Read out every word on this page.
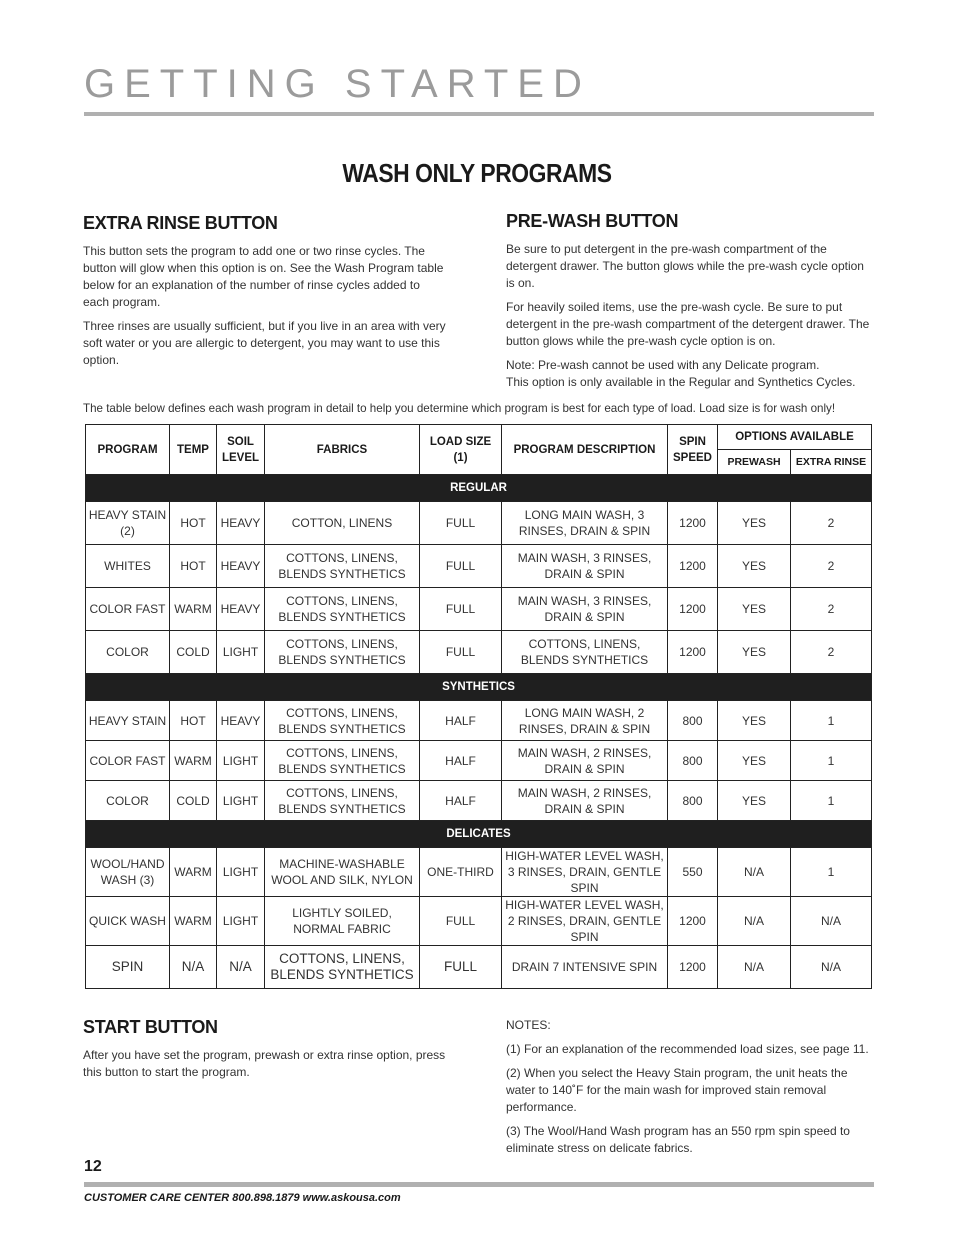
GETTING STARTED
WASH ONLY PROGRAMS
EXTRA RINSE BUTTON

This button sets the program to add one or two rinse cycles. The button will glow when this option is on. See the Wash Program table below for an explanation of the number of rinse cycles added to each program.

Three rinses are usually sufficient, but if you live in an area with very soft water or you are allergic to detergent, you may want to use this option.

PRE-WASH BUTTON

Be sure to put detergent in the pre-wash compartment of the detergent drawer. The button glows while the pre-wash cycle option is on.

For heavily soiled items, use the pre-wash cycle. Be sure to put detergent in the pre-wash compartment of the detergent drawer. The button glows while the pre-wash cycle option is on.

Note: Pre-wash cannot be used with any Delicate program.

This option is only available in the Regular and Synthetics Cycles.

The table below defines each wash program in detail to help you determine which program is best for each type of load. Load size is for wash only!
PROGRAM	TEMP	SOIL LEVEL	FABRICS	LOAD SIZE (1)	PROGRAM DESCRIPTION	SPIN SPEED	OPTIONS AVAILABLE	
							PREWASH	EXTRA RINSE
REGULAR								
HEAVY STAIN (2)	HOT	HEAVY	COTTON, LINENS	FULL	LONG MAIN WASH, 3 RINSES, DRAIN & SPIN	1200	YES	2
WHITES	HOT	HEAVY	COTTONS, LINENS, BLENDS SYNTHETICS	FULL	MAIN WASH, 3 RINSES, DRAIN & SPIN	1200	YES	2
COLOR FAST	WARM	HEAVY	COTTONS, LINENS, BLENDS SYNTHETICS	FULL	MAIN WASH, 3 RINSES, DRAIN & SPIN	1200	YES	2
COLOR	COLD	LIGHT	COTTONS, LINENS, BLENDS SYNTHETICS	FULL	COTTONS, LINENS, BLENDS SYNTHETICS	1200	YES	2
SYNTHETICS								
HEAVY STAIN	HOT	HEAVY	COTTONS, LINENS, BLENDS SYNTHETICS	HALF	LONG MAIN WASH, 2 RINSES, DRAIN & SPIN	800	YES	1
COLOR FAST	WARM	LIGHT	COTTONS, LINENS, BLENDS SYNTHETICS	HALF	MAIN WASH, 2 RINSES, DRAIN & SPIN	800	YES	1
COLOR	COLD	LIGHT	COTTONS, LINENS, BLENDS SYNTHETICS	HALF	MAIN WASH, 2 RINSES, DRAIN & SPIN	800	YES	1
DELICATES								
WOOL/HAND WASH (3)	WARM	LIGHT	MACHINE-WASHABLE WOOL AND SILK, NYLON	ONE-THIRD	HIGH-WATER LEVEL WASH, 3 RINSES, DRAIN, GENTLE SPIN	550	N/A	1
QUICK WASH	WARM	LIGHT	LIGHTLY SOILED, NORMAL FABRIC	FULL	HIGH-WATER LEVEL WASH, 2 RINSES, DRAIN, GENTLE SPIN	1200	N/A	N/A
SPIN	N/A	N/A	COTTONS, LINENS, BLENDS SYNTHETICS	FULL	DRAIN 7 INTENSIVE SPIN	1200	N/A	N/A
START BUTTON

After you have set the program, prewash or extra rinse option, press this button to start the program.

NOTES:

(1) For an explanation of the recommended load sizes, see page 11.

(2) When you select the Heavy Stain program, the unit heats the water to 140˚F for the main wash for improved stain removal performance.

(3) The Wool/Hand Wash program has an 550 rpm spin speed to eliminate stress on delicate fabrics.

12
CUSTOMER CARE CENTER 800.898.1879 www.askousa.com
